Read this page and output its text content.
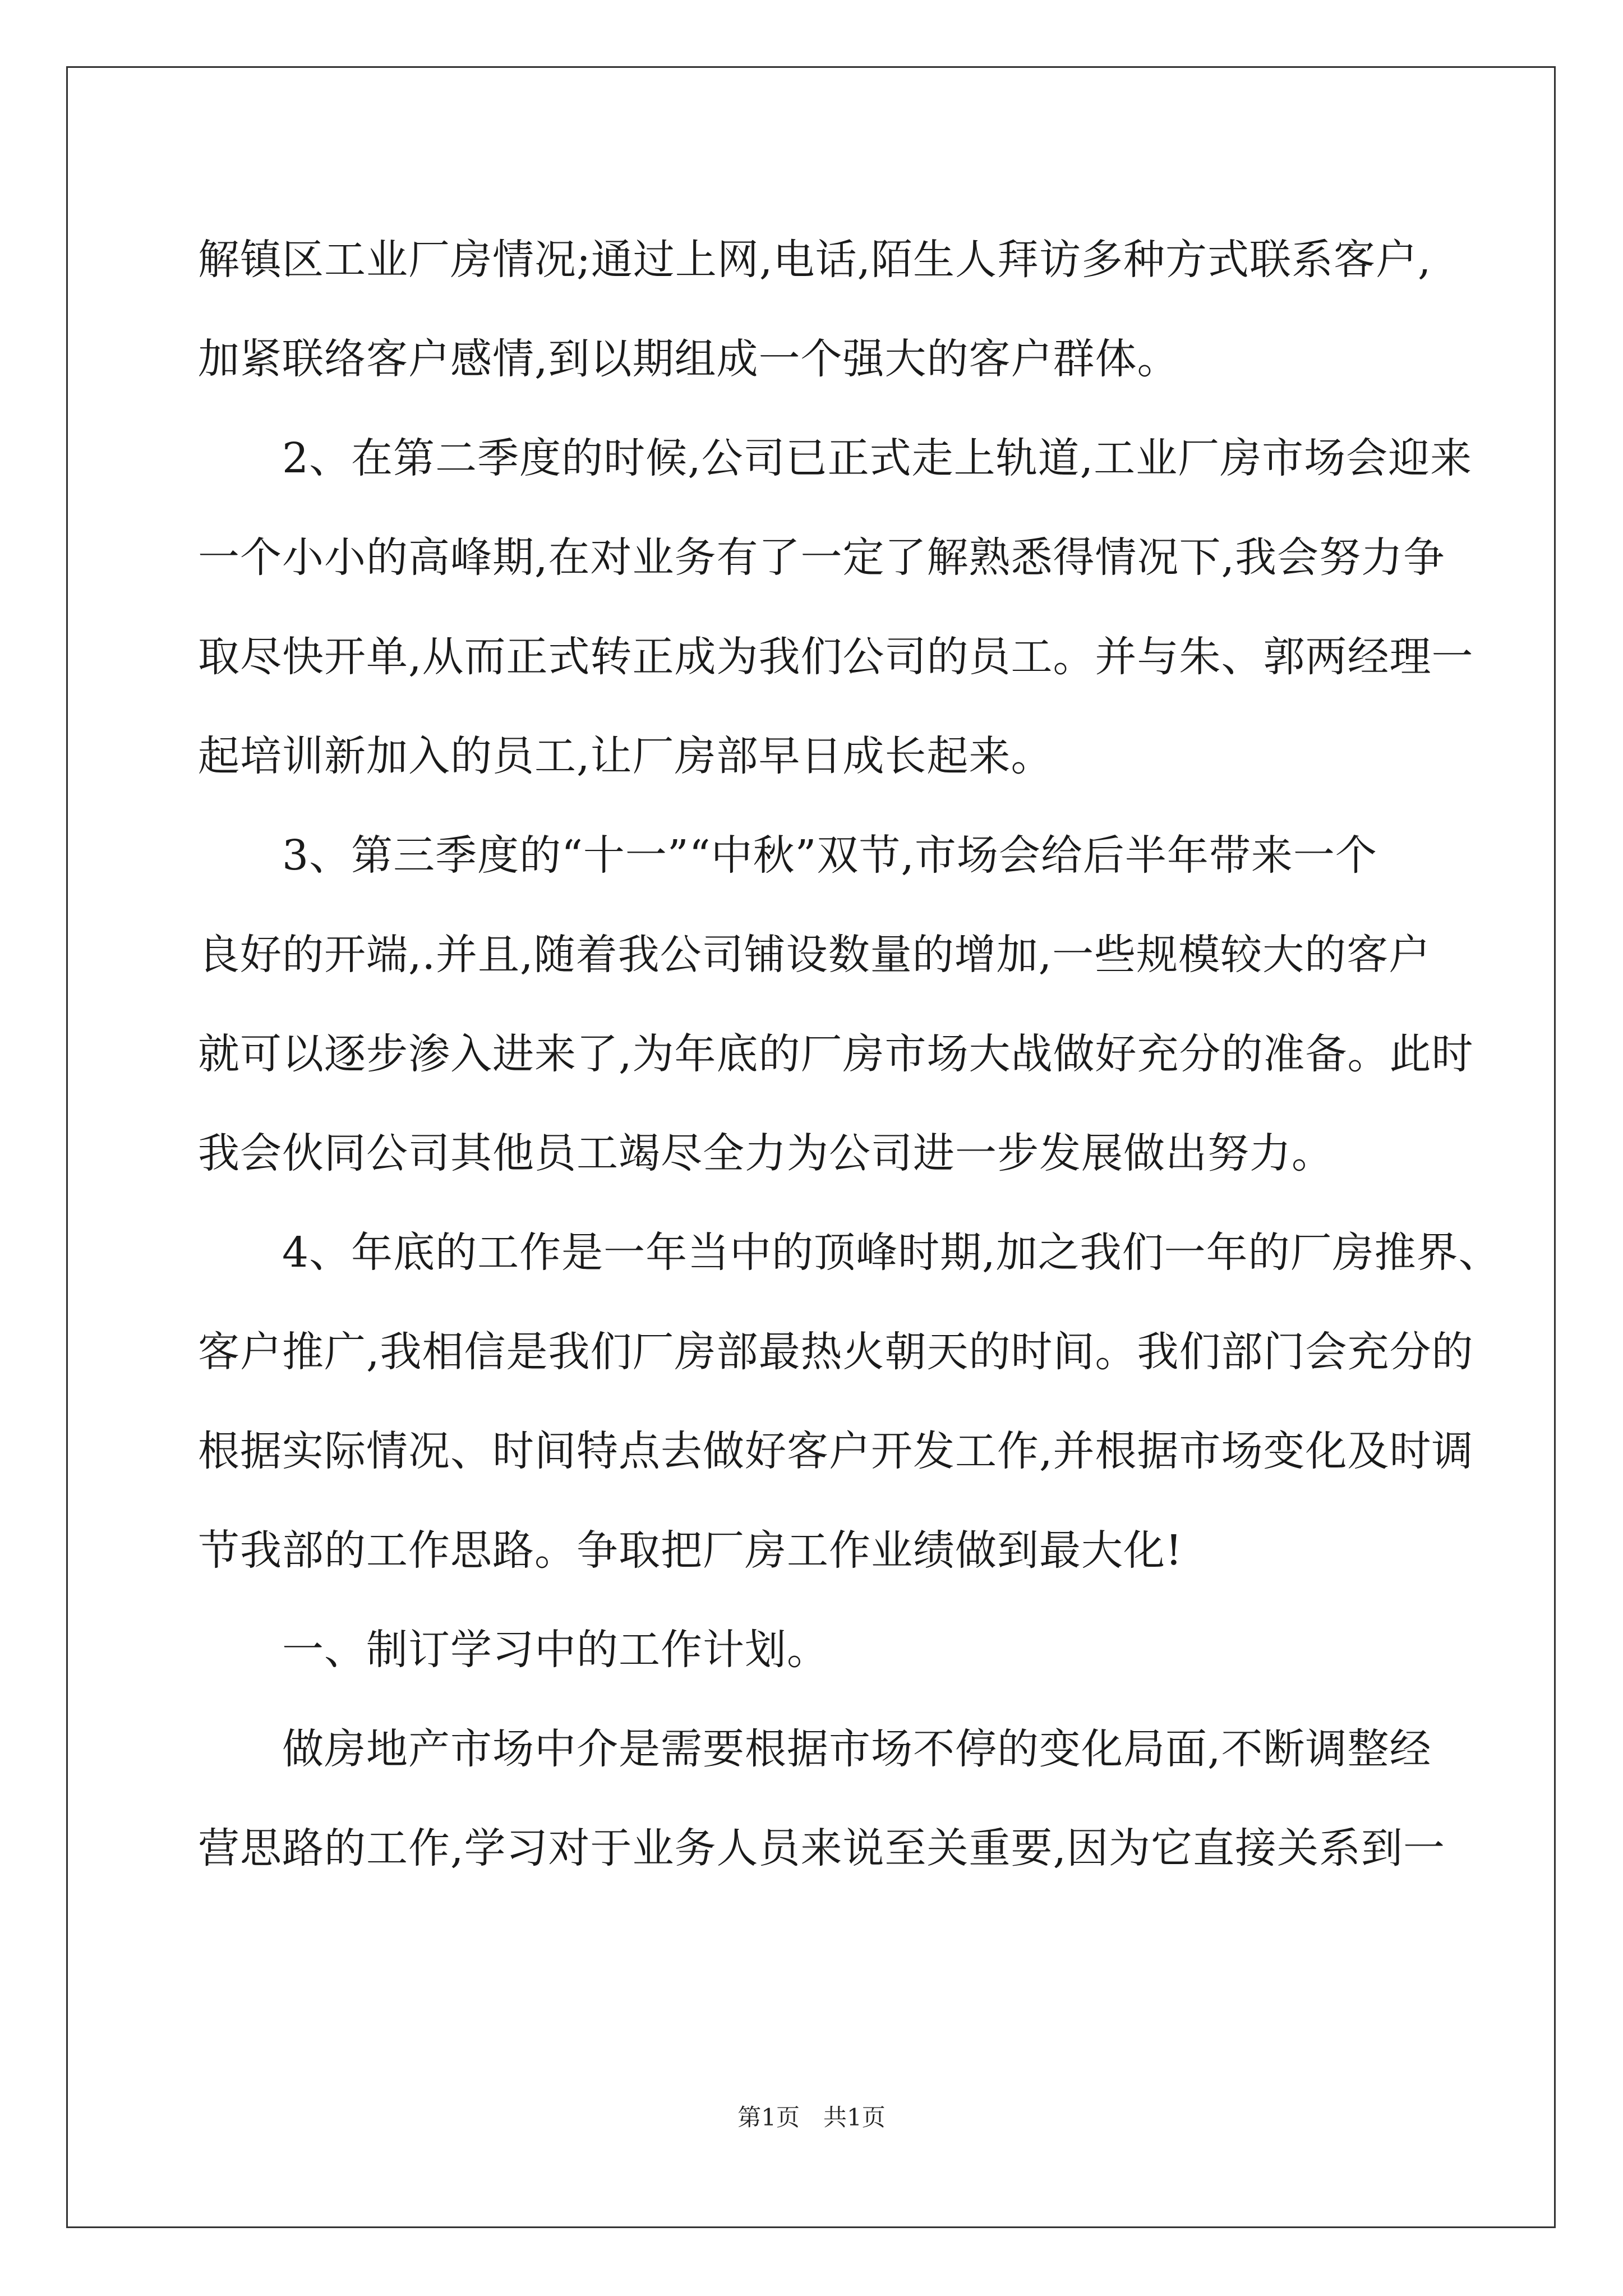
解镇区工业厂房情况;通过上网,电话,陌生人拜访多种方式联系客户,
加紧联络客户感情,到以期组成一个强大的客户群体。
　　2、在第二季度的时候,公司已正式走上轨道,工业厂房市场会迎来
一个小小的高峰期,在对业务有了一定了解熟悉得情况下,我会努力争
取尽快开单,从而正式转正成为我们公司的员工。并与朱、郭两经理一
起培训新加入的员工,让厂房部早日成长起来。
　　3、第三季度的“十一”“中秋”双节,市场会给后半年带来一个
良好的开端,.并且,随着我公司铺设数量的增加,一些规模较大的客户
就可以逐步渗入进来了,为年底的厂房市场大战做好充分的准备。此时
我会伙同公司其他员工竭尽全力为公司进一步发展做出努力。
　　4、年底的工作是一年当中的顶峰时期,加之我们一年的厂房推界、
客户推广,我相信是我们厂房部最热火朝天的时间。我们部门会充分的
根据实际情况、时间特点去做好客户开发工作,并根据市场变化及时调
节我部的工作思路。争取把厂房工作业绩做到最大化!
　　一、制订学习中的工作计划。
　　做房地产市场中介是需要根据市场不停的变化局面,不断调整经
营思路的工作,学习对于业务人员来说至关重要,因为它直接关系到一

第1页　共1页
